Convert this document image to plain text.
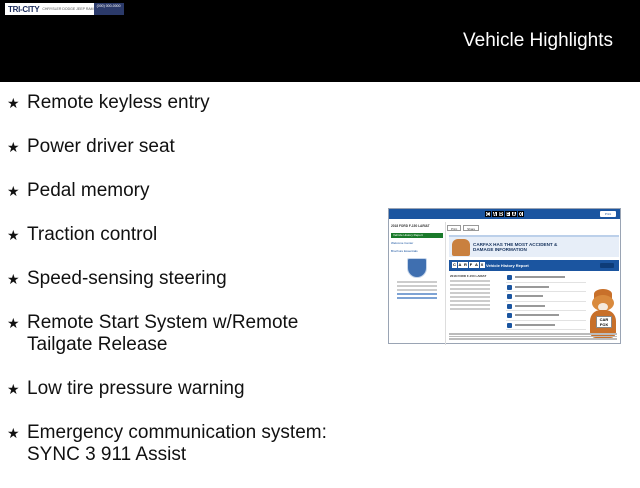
TRI-CITY CHRYSLER DODGE JEEP RAM
(000) 000-0000
Vehicle Highlights
★ Remote keyless entry
★ Power driver seat
★ Pedal memory
★ Traction control
★ Speed-sensing steering
★ Remote Start System w/Remote Tailgate Release
★ Low tire pressure warning
★ Emergency communication system: SYNC 3 911 Assist
C A R F A X	Print
Print	Share
2018 FORD F-150 LARIAT
Vehicle History Report
Welcome Center
Brochure Essentials
CARFAX HAS THE MOST ACCIDENT & DAMAGE INFORMATION
C A R F A X Vehicle History Report
2018 FORD F-150 LARIAT
CAR FOX
